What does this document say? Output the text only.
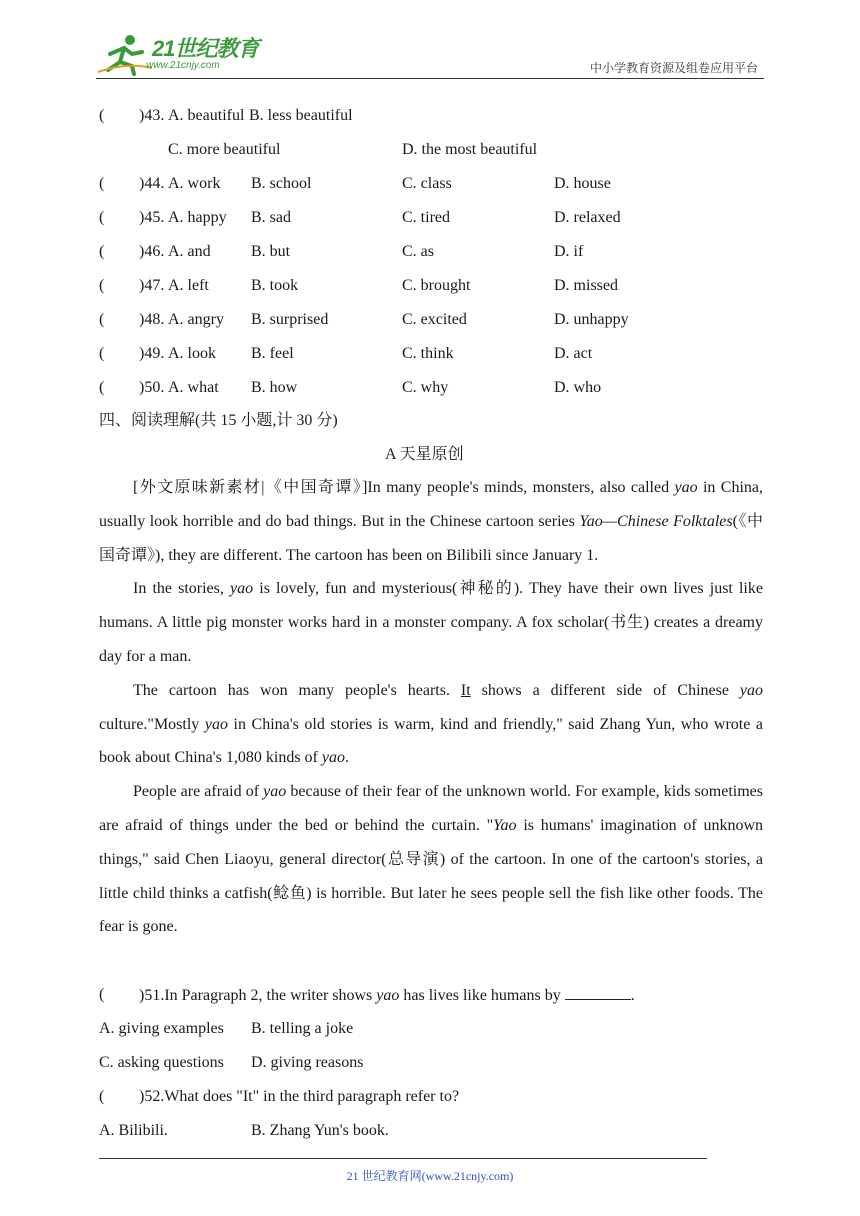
21世纪教育
www.21cnjy.com	中小学教育资源及组卷应用平台
( )43. A. beautiful B. less beautiful
C. more beautiful	D. the most beautiful
( )44. A. work B. school	C. class	D. house
( )45. A. happy B. sad	C. tired	D. relaxed
( )46. A. and	B. but	C. as	D. if
( )47. A. left	B. took	C. brought	D. missed
( )48. A. angry B. surprised	C. excited	D. unhappy
( )49. A. look B. feel	C. think	D. act
( )50. A. what B. how	C. why	D. who
四、阅读理解(共 15 小题,计 30 分)
A 天星原创

[外文原味新素材|《中国奇谭》]In many people's minds, monsters, also called yao in China, usually look horrible and do bad things. But in the Chinese cartoon series Yao—Chinese Folktales(《中国奇谭》), they are different. The cartoon has been on Bilibili since January 1.

In the stories, yao is lovely, fun and mysterious(神秘的). They have their own lives just like humans. A little pig monster works hard in a monster company. A fox scholar(书生) creates a dreamy day for a man.

The cartoon has won many people's hearts. It shows a different side of Chinese yao culture."Mostly yao in China's old stories is warm, kind and friendly," said Zhang Yun, who wrote a book about China's 1,080 kinds of yao.

People are afraid of yao because of their fear of the unknown world. For example, kids sometimes are afraid of things under the bed or behind the curtain. "Yao is humans' imagination of unknown things," said Chen Liaoyu, general director(总导演) of the cartoon. In one of the cartoon's stories, a little child thinks a catfish(鲶鱼) is horrible. But later he sees people sell the fish like other foods. The fear is gone.

( )51.In Paragraph 2, the writer shows yao has lives like humans by	.
A. giving examples B. telling a joke
C. asking questions D. giving reasons
( )52.What does "It" in the third paragraph refer to?
A. Bilibili.	B. Zhang Yun's book.
21 世纪教育网(www.21cnjy.com)
